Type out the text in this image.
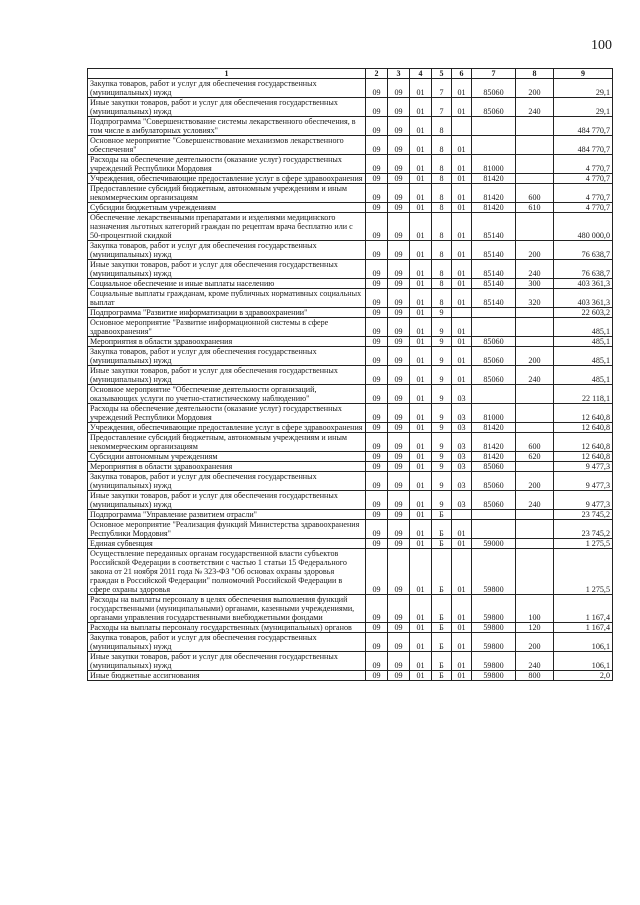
100
1	2	3	4	5	6	7	8	9
Закупка товаров, работ и услуг для обеспечения государственных (муниципальных) нужд	09	09	01	7	01	85060	200	29,1
Иные закупки товаров, работ и услуг для обеспечения государственных (муниципальных) нужд	09	09	01	7	01	85060	240	29,1
Подпрограмма "Совершенствование системы лекарственного обеспечения, в том числе в амбулаторных условиях"	09	09	01	8				484 770,7
Основное мероприятие "Совершенствование механизмов лекарственного обеспечения"	09	09	01	8	01			484 770,7
Расходы на обеспечение деятельности (оказание услуг) государственных учреждений Республики Мордовия	09	09	01	8	01	81000		4 770,7
Учреждения, обеспечивающие предоставление услуг в сфере здравоохранения	09	09	01	8	01	81420		4 770,7
Предоставление субсидий бюджетным, автономным учреждениям и иным некоммерческим организациям	09	09	01	8	01	81420	600	4 770,7
Субсидии бюджетным учреждениям	09	09	01	8	01	81420	610	4 770,7
Обеспечение лекарственными препаратами и изделиями медицинского назначения льготных категорий граждан по рецептам врача бесплатно или с 50-процентной скидкой	09	09	01	8	01	85140		480 000,0
Закупка товаров, работ и услуг для обеспечения государственных (муниципальных) нужд	09	09	01	8	01	85140	200	76 638,7
Иные закупки товаров, работ и услуг для обеспечения государственных (муниципальных) нужд	09	09	01	8	01	85140	240	76 638,7
Социальное обеспечение и иные выплаты населению	09	09	01	8	01	85140	300	403 361,3
Социальные выплаты гражданам, кроме публичных нормативных социальных выплат	09	09	01	8	01	85140	320	403 361,3
Подпрограмма "Развитие информатизации в здравоохранении"	09	09	01	9				22 603,2
Основное мероприятие "Развитие информационной системы в сфере здравоохранения"	09	09	01	9	01			485,1
Мероприятия в области здравоохранения	09	09	01	9	01	85060		485,1
Закупка товаров, работ и услуг для обеспечения государственных (муниципальных) нужд	09	09	01	9	01	85060	200	485,1
Иные закупки товаров, работ и услуг для обеспечения государственных (муниципальных) нужд	09	09	01	9	01	85060	240	485,1
Основное мероприятие "Обеспечение деятельности организаций, оказывающих услуги по учетно-статистическому наблюдению"	09	09	01	9	03			22 118,1
Расходы на обеспечение деятельности (оказание услуг) государственных учреждений Республики Мордовия	09	09	01	9	03	81000		12 640,8
Учреждения, обеспечивающие предоставление услуг в сфере здравоохранения	09	09	01	9	03	81420		12 640,8
Предоставление субсидий бюджетным, автономным учреждениям и иным некоммерческим организациям	09	09	01	9	03	81420	600	12 640,8
Субсидии автономным учреждениям	09	09	01	9	03	81420	620	12 640,8
Мероприятия в области здравоохранения	09	09	01	9	03	85060		9 477,3
Закупка товаров, работ и услуг для обеспечения государственных (муниципальных) нужд	09	09	01	9	03	85060	200	9 477,3
Иные закупки товаров, работ и услуг для обеспечения государственных (муниципальных) нужд	09	09	01	9	03	85060	240	9 477,3
Подпрограмма "Управление развитием отрасли"	09	09	01	Б				23 745,2
Основное мероприятие "Реализация функций Министерства здравоохранения Республики Мордовия"	09	09	01	Б	01			23 745,2
Единая субвенция	09	09	01	Б	01	59000		1 275,5
Осуществление переданных органам государственной власти субъектов Российской Федерации в соответствии с частью 1 статьи 15 Федерального закона от 21 ноября 2011 года № 323-ФЗ "Об основах охраны здоровья граждан в Российской Федерации" полномочий Российской Федерации в сфере охраны здоровья	09	09	01	Б	01	59800		1 275,5
Расходы на выплаты персоналу в целях обеспечения выполнения функций государственными (муниципальными) органами, казенными учреждениями, органами управления государственными внебюджетными фондами	09	09	01	Б	01	59800	100	1 167,4
Расходы на выплаты персоналу государственных (муниципальных) органов	09	09	01	Б	01	59800	120	1 167,4
Закупка товаров, работ и услуг для обеспечения государственных (муниципальных) нужд	09	09	01	Б	01	59800	200	106,1
Иные закупки товаров, работ и услуг для обеспечения государственных (муниципальных) нужд	09	09	01	Б	01	59800	240	106,1
Иные бюджетные ассигнования	09	09	01	Б	01	59800	800	2,0
